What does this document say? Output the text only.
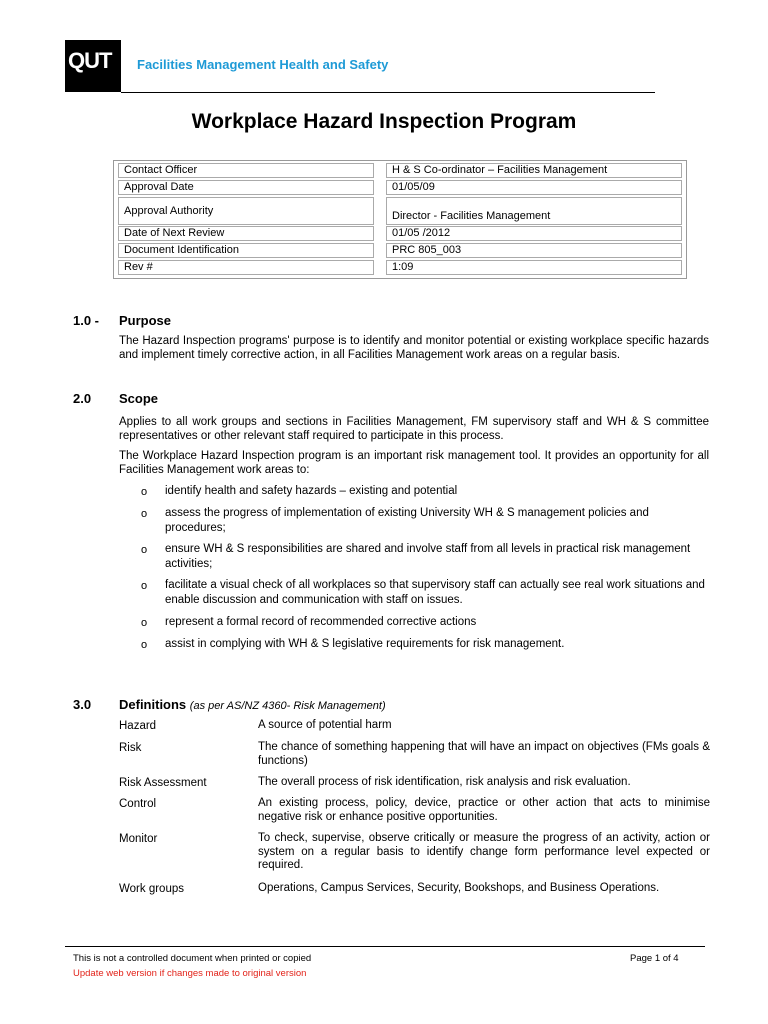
QUT Facilities Management Health and Safety
Workplace Hazard Inspection Program
Contact Officer	H & S Co-ordinator – Facilities Management
Approval Date	01/05/09
Approval Authority	Director - Facilities Management
Date of Next Review	01/05 /2012
Document Identification	PRC 805_003
Rev #	1:09
1.0 - Purpose
The Hazard Inspection programs' purpose is to identify and monitor potential or existing workplace specific hazards and implement timely corrective action, in all Facilities Management work areas on a regular basis.
2.0 Scope
Applies to all work groups and sections in Facilities Management, FM supervisory staff and WH & S committee representatives or other relevant staff required to participate in this process.
The Workplace Hazard Inspection program is an important risk management tool. It provides an opportunity for all Facilities Management work areas to:
o identify health and safety hazards – existing and potential
o assess the progress of implementation of existing University WH & S management policies and procedures;
o ensure WH & S responsibilities are shared and involve staff from all levels in practical risk management activities;
o facilitate a visual check of all workplaces so that supervisory staff can actually see real work situations and enable discussion and communication with staff on issues.
o represent a formal record of recommended corrective actions
o assist in complying with WH & S legislative requirements for risk management.
3.0 Definitions (as per AS/NZ 4360- Risk Management)
Hazard	A source of potential harm
Risk	The chance of something happening that will have an impact on objectives (FMs goals & functions)
Risk Assessment	The overall process of risk identification, risk analysis and risk evaluation.
Control	An existing process, policy, device, practice or other action that acts to minimise negative risk or enhance positive opportunities.
Monitor	To check, supervise, observe critically or measure the progress of an activity, action or system on a regular basis to identify change form performance level expected or required.
Work groups	Operations, Campus Services, Security, Bookshops, and Business Operations.
This is not a controlled document when printed or copied
Update web version if changes made to original version
Page 1 of 4
